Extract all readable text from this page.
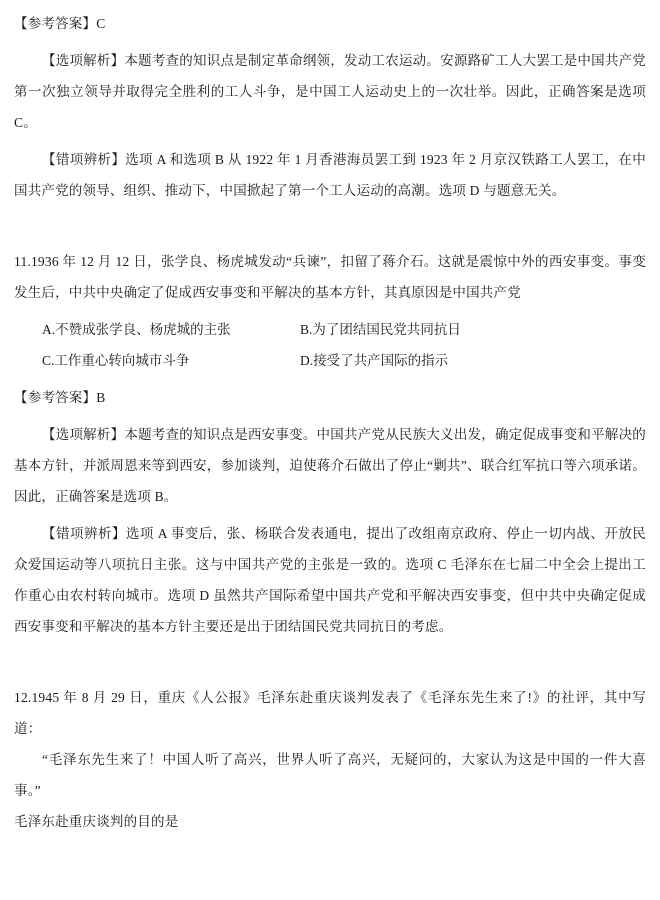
【参考答案】C

【选项解析】本题考查的知识点是制定革命纲领，发动工农运动。安源路矿工人大罢工是中国共产党第一次独立领导并取得完全胜利的工人斗争，是中国工人运动史上的一次壮举。因此，正确答案是选项 C。

【错项辨析】选项 A 和选项 B 从 1922 年 1 月香港海员罢工到 1923 年 2 月京汉铁路工人罢工，在中国共产党的领导、组织、推动下，中国掀起了第一个工人运动的高潮。选项 D 与题意无关。

11.1936 年 12 月 12 日，张学良、杨虎城发动“兵谏”，扣留了蒋介石。这就是震惊中外的西安事变。事变发生后，中共中央确定了促成西安事变和平解决的基本方针，其真原因是中国共产党

A.不赞成张学良、杨虎城的主张	B.为了团结国民党共同抗日
C.工作重心转向城市斗争	D.接受了共产国际的指示

【参考答案】B

【选项解析】本题考查的知识点是西安事变。中国共产党从民族大义出发，确定促成事变和平解决的基本方针，并派周恩来等到西安，参加谈判，迫使蒋介石做出了停止“剿共”、联合红军抗口等六项承诺。因此，正确答案是选项 B。

【错项辨析】选项 A 事变后，张、杨联合发表通电，提出了改组南京政府、停止一切内战、开放民众爱国运动等八项抗日主张。这与中国共产党的主张是一致的。选项 C 毛泽东在七届二中全会上提出工作重心由农村转向城市。选项 D 虽然共产国际希望中国共产党和平解决西安事变，但中共中央确定促成西安事变和平解决的基本方针主要还是出于团结国民党共同抗日的考虑。

12.1945 年 8 月 29 日，重庆《人公报》毛泽东赴重庆谈判发表了《毛泽东先生来了!》的社评，其中写道：

“毛泽东先生来了！中国人听了高兴，世界人听了高兴，无疑问的，大家认为这是中国的一件大喜事。”

毛泽东赴重庆谈判的目的是
